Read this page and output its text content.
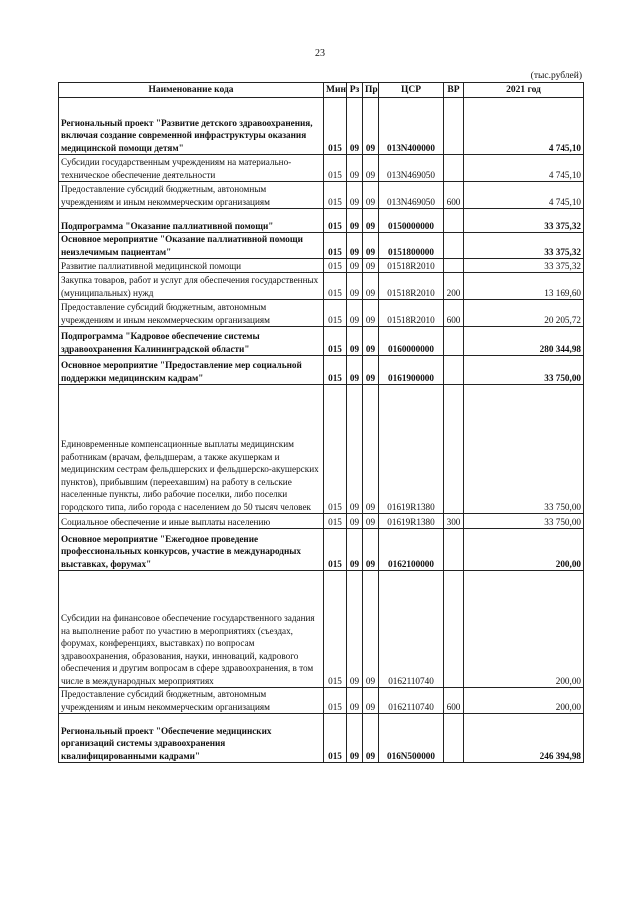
23
(тыс.рублей)
Наименование кода	Мин	Рз	Пр	ЦСР	ВР	2021 год
Региональный проект "Развитие детского здравоохранения, включая создание современной инфраструктуры оказания медицинской помощи детям"	015	09	09	013N400000		4 745,10
Субсидии государственным учреждениям на материально-техническое обеспечение деятельности	015	09	09	013N469050		4 745,10
Предоставление субсидий бюджетным, автономным учреждениям и иным некоммерческим организациям	015	09	09	013N469050	600	4 745,10
Подпрограмма "Оказание паллиативной помощи"	015	09	09	0150000000		33 375,32
Основное мероприятие "Оказание паллиативной помощи неизлечимым пациентам"	015	09	09	0151800000		33 375,32
Развитие паллиативной медицинской помощи	015	09	09	01518R2010		33 375,32
Закупка товаров, работ и услуг для обеспечения государственных (муниципальных) нужд	015	09	09	01518R2010	200	13 169,60
Предоставление субсидий бюджетным, автономным учреждениям и иным некоммерческим организациям	015	09	09	01518R2010	600	20 205,72
Подпрограмма "Кадровое обеспечение системы здравоохранения Калининградской области"	015	09	09	0160000000		280 344,98
Основное мероприятие "Предоставление мер социальной поддержки медицинским кадрам"	015	09	09	0161900000		33 750,00
Единовременные компенсационные выплаты медицинским работникам (врачам, фельдшерам, а также акушеркам и медицинским сестрам фельдшерских и фельдшерско-акушерских пунктов), прибывшим (переехавшим) на работу в сельские населенные пункты, либо рабочие поселки, либо поселки городского типа, либо города с населением до 50 тысяч человек	015	09	09	01619R1380		33 750,00
Социальное обеспечение и иные выплаты населению	015	09	09	01619R1380	300	33 750,00
Основное мероприятие "Ежегодное проведение профессиональных конкурсов, участие в международных выставках, форумах"	015	09	09	0162100000		200,00
Субсидии на финансовое обеспечение государственного задания на выполнение работ по участию в мероприятиях (съездах, форумах, конференциях, выставках) по вопросам здравоохранения, образования, науки, инноваций, кадрового обеспечения и другим вопросам в сфере здравоохранения, в том числе в международных мероприятиях	015	09	09	0162110740		200,00
Предоставление субсидий бюджетным, автономным учреждениям и иным некоммерческим организациям	015	09	09	0162110740	600	200,00
Региональный проект "Обеспечение медицинских организаций системы здравоохранения квалифицированными кадрами"	015	09	09	016N500000		246 394,98
